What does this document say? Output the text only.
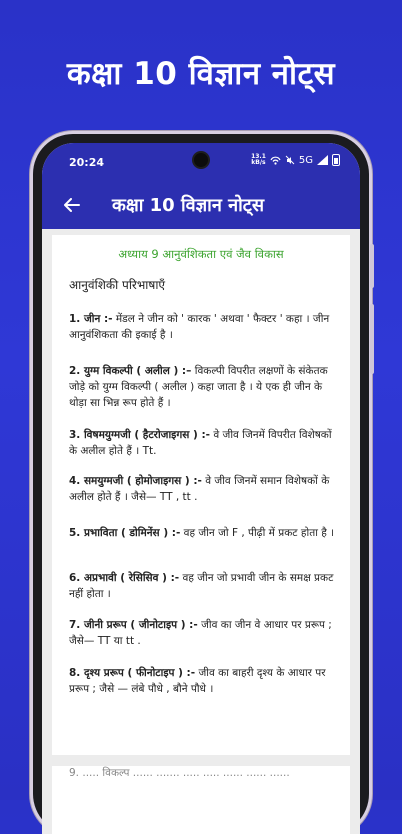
कक्षा 10 विज्ञान नोट्स
20:24	13.1
kB/s	5G
कक्षा 10 विज्ञान नोट्स
अध्याय 9 आनुवंशिकता एवं जैव विकास
आनुवंशिकी परिभाषाएँ
1. जीन :- मेंडल ने जीन को ' कारक ' अथवा ' फैक्टर ' कहा । जीन आनुवंशिकता की इकाई है ।
2. युग्म विकल्पी ( अलील ) :– विकल्पी विपरीत लक्षणों के संकेतक जोड़े को युग्म विकल्पी ( अलील ) कहा जाता है । ये एक ही जीन के थोड़ा सा भिन्न रूप होते हैं ।
3. विषमयुग्मजी ( हैटरोजाइगस ) :- वे जीव जिनमें विपरीत विशेषकों के अलील होते हैं । Tt.
4. समयुग्मजी ( होमोजाइगस ) :- वे जीव जिनमें समान विशेषकों के अलील होते हैं । जैसे— TT , tt .
5. प्रभाविता ( डोमिनेंस ) :- वह जीन जो F , पीढ़ी में प्रकट होता है ।
6. अप्रभावी ( रेसिसिव ) :- वह जीन जो प्रभावी जीन के समक्ष प्रकट नहीं होता ।
7. जीनी प्ररूप ( जीनोटाइप ) :- जीव का जीन वे आधार पर प्ररूप ; जैसे— TT या tt .
8. दृश्य प्ररूप ( फीनोटाइप ) :- जीव का बाहरी दृश्य के आधार पर प्ररूप ; जैसे — लंबे पौधे , बौने पौधे ।
9. ..... विकल्प ...... ....... ..... ..... ...... ...... ......
